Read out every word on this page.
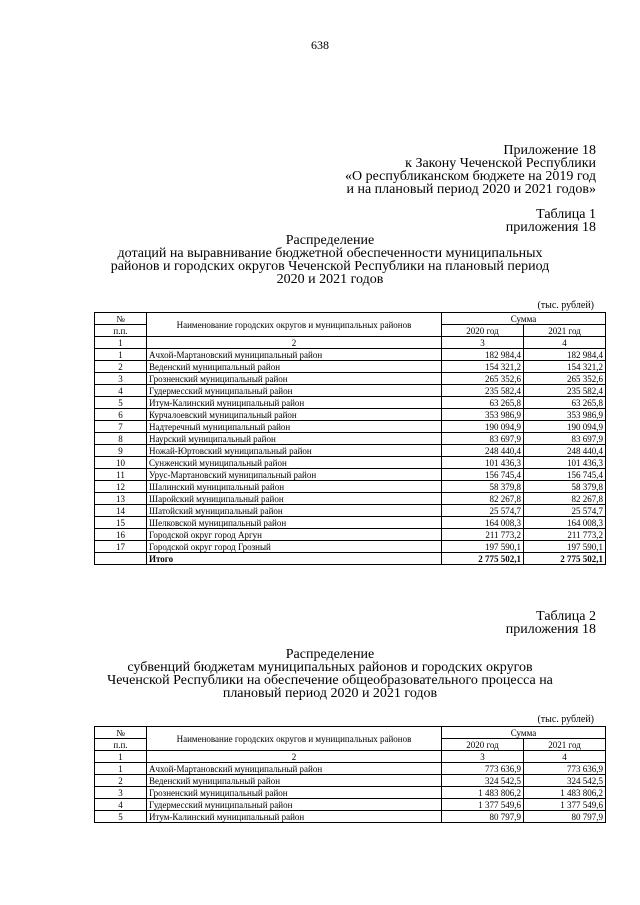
638
Приложение 18
к Закону Чеченской Республики
«О республиканском бюджете на 2019 год
и на плановый период 2020 и 2021 годов»
Таблица 1
приложения 18
Распределение
дотаций на выравнивание бюджетной обеспеченности муниципальных
районов и городских округов Чеченской Республики на плановый период
2020 и 2021 годов
(тыс. рублей)
№	Наименование городских округов и муниципальных районов	Сумма	
п.п.		2020 год	2021 год

1	2	3	4
1	Ачхой-Мартановский муниципальный район	182 984,4	182 984,4
2	Веденский муниципальный район	154 321,2	154 321,2
3	Грозненский муниципальный район	265 352,6	265 352,6
4	Гудермесский муниципальный район	235 582,4	235 582,4
5	Итум-Калинский муниципальный район	63 265,8	63 265,8
6	Курчалоевский муниципальный район	353 986,9	353 986,9
7	Надтеречный муниципальный район	190 094,9	190 094,9
8	Наурский муниципальный район	83 697,9	83 697,9
9	Ножай-Юртовский муниципальный район	248 440,4	248 440,4
10	Сунженский муниципальный район	101 436,3	101 436,3
11	Урус-Мартановский муниципальный район	156 745,4	156 745,4
12	Шалинский муниципальный район	58 379,8	58 379,8
13	Шаройский муниципальный район	82 267,8	82 267,8
14	Шатойский муниципальный район	25 574,7	25 574,7
15	Шелковской муниципальный район	164 008,3	164 008,3
16	Городской округ город Аргун	211 773,2	211 773,2
17	Городской округ город Грозный	197 590,1	197 590,1
	Итого	2 775 502,1	2 775 502,1
Таблица 2
приложения 18
Распределение
субвенций бюджетам муниципальных районов и городских округов
Чеченской Республики на обеспечение общеобразовательного процесса на
плановый период 2020 и 2021 годов
(тыс. рублей)
№	Наименование городских округов и муниципальных районов	Сумма	
п.п.		2020 год	2021 год

1	2	3	4
1	Ачхой-Мартановский муниципальный район	773 636,9	773 636,9
2	Веденский муниципальный район	324 542,5	324 542,5
3	Грозненский муниципальный район	1 483 806,2	1 483 806,2
4	Гудермесский муниципальный район	1 377 549,6	1 377 549,6
5	Итум-Калинский муниципальный район	80 797,9	80 797,9
